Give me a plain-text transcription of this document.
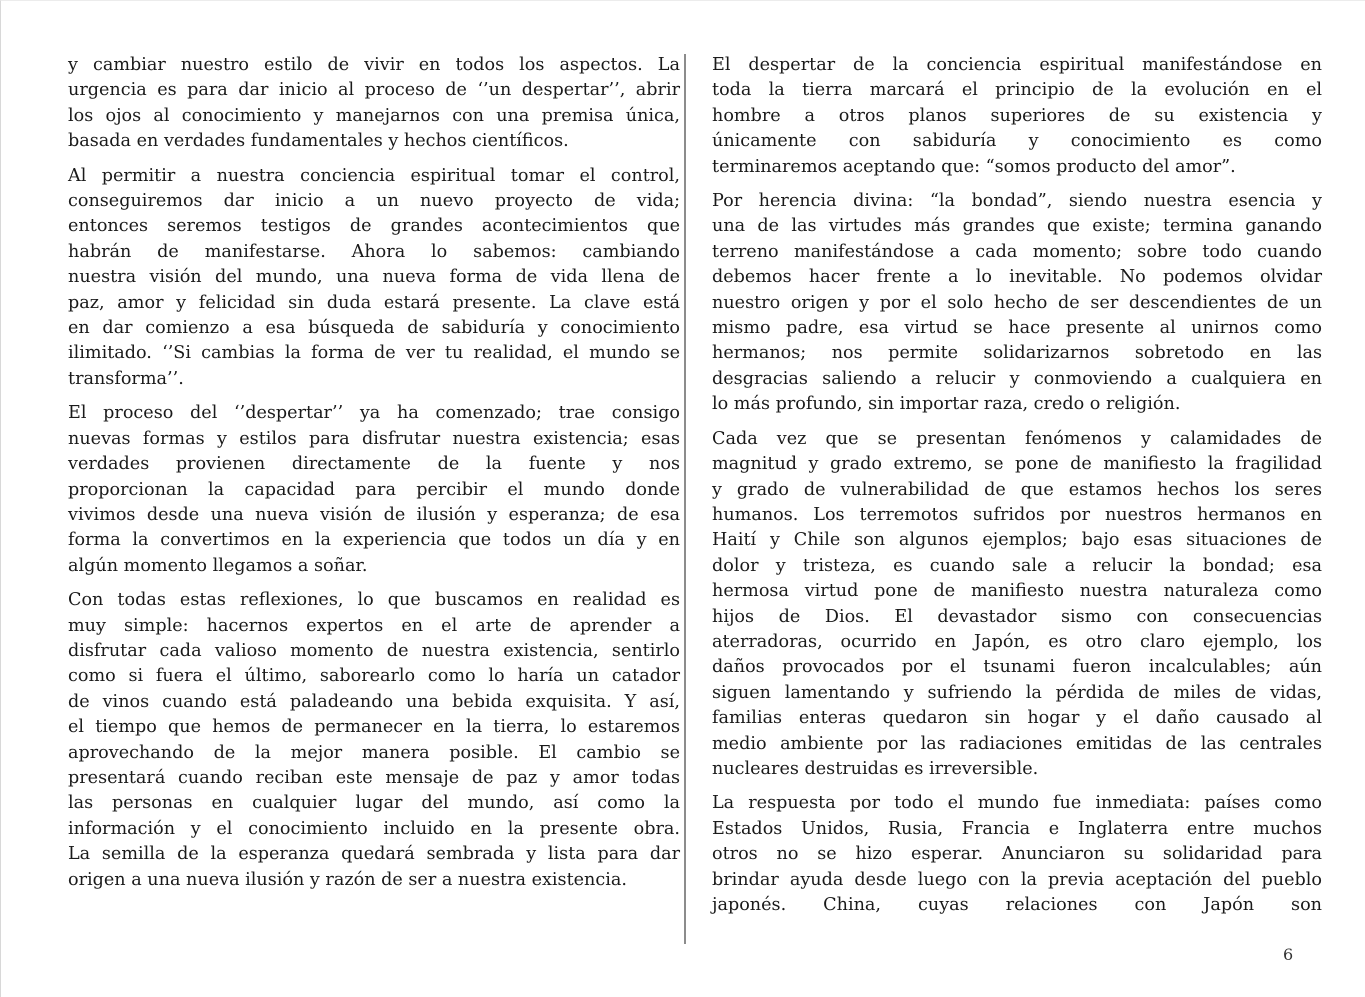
y cambiar nuestro estilo de vivir en todos los aspectos. La
urgencia es para dar inicio al proceso de ‘’un despertar’’, abrir
los ojos al conocimiento y manejarnos con una premisa única,
basada en verdades fundamentales y hechos científicos.
Al permitir a nuestra conciencia espiritual tomar el control,
conseguiremos dar inicio a un nuevo proyecto de vida;
entonces seremos testigos de grandes acontecimientos que
habrán de manifestarse. Ahora lo sabemos: cambiando
nuestra visión del mundo, una nueva forma de vida llena de
paz, amor y felicidad sin duda estará presente. La clave está
en dar comienzo a esa búsqueda de sabiduría y conocimiento
ilimitado. ‘’Si cambias la forma de ver tu realidad, el mundo se
transforma’’.
El proceso del ‘’despertar’’ ya ha comenzado; trae consigo
nuevas formas y estilos para disfrutar nuestra existencia; esas
verdades provienen directamente de la fuente y nos
proporcionan la capacidad para percibir el mundo donde
vivimos desde una nueva visión de ilusión y esperanza; de esa
forma la convertimos en la experiencia que todos un día y en
algún momento llegamos a soñar.
Con todas estas reflexiones, lo que buscamos en realidad es
muy simple: hacernos expertos en el arte de aprender a
disfrutar cada valioso momento de nuestra existencia, sentirlo
como si fuera el último, saborearlo como lo haría un catador
de vinos cuando está paladeando una bebida exquisita. Y así,
el tiempo que hemos de permanecer en la tierra, lo estaremos
aprovechando de la mejor manera posible. El cambio se
presentará cuando reciban este mensaje de paz y amor todas
las personas en cualquier lugar del mundo, así como la
información y el conocimiento incluido en la presente obra.
La semilla de la esperanza quedará sembrada y lista para dar
origen a una nueva ilusión y razón de ser a nuestra existencia.
El despertar de la conciencia espiritual manifestándose en
toda la tierra marcará el principio de la evolución en el
hombre a otros planos superiores de su existencia y
únicamente con sabiduría y conocimiento es como
terminaremos aceptando que: “somos producto del amor”.
Por herencia divina: “la bondad”, siendo nuestra esencia y
una de las virtudes más grandes que existe; termina ganando
terreno manifestándose a cada momento; sobre todo cuando
debemos hacer frente a lo inevitable. No podemos olvidar
nuestro origen y por el solo hecho de ser descendientes de un
mismo padre, esa virtud se hace presente al unirnos como
hermanos; nos permite solidarizarnos sobretodo en las
desgracias saliendo a relucir y conmoviendo a cualquiera en
lo más profundo, sin importar raza, credo o religión.
Cada vez que se presentan fenómenos y calamidades de
magnitud y grado extremo, se pone de manifiesto la fragilidad
y grado de vulnerabilidad de que estamos hechos los seres
humanos. Los terremotos sufridos por nuestros hermanos en
Haití y Chile son algunos ejemplos; bajo esas situaciones de
dolor y tristeza, es cuando sale a relucir la bondad; esa
hermosa virtud pone de manifiesto nuestra naturaleza como
hijos de Dios. El devastador sismo con consecuencias
aterradoras, ocurrido en Japón, es otro claro ejemplo, los
daños provocados por el tsunami fueron incalculables; aún
siguen lamentando y sufriendo la pérdida de miles de vidas,
familias enteras quedaron sin hogar y el daño causado al
medio ambiente por las radiaciones emitidas de las centrales
nucleares destruidas es irreversible.
La respuesta por todo el mundo fue inmediata: países como
Estados Unidos, Rusia, Francia e Inglaterra entre muchos
otros no se hizo esperar. Anunciaron su solidaridad para
brindar ayuda desde luego con la previa aceptación del pueblo
japonés. China, cuyas relaciones con Japón son
6
